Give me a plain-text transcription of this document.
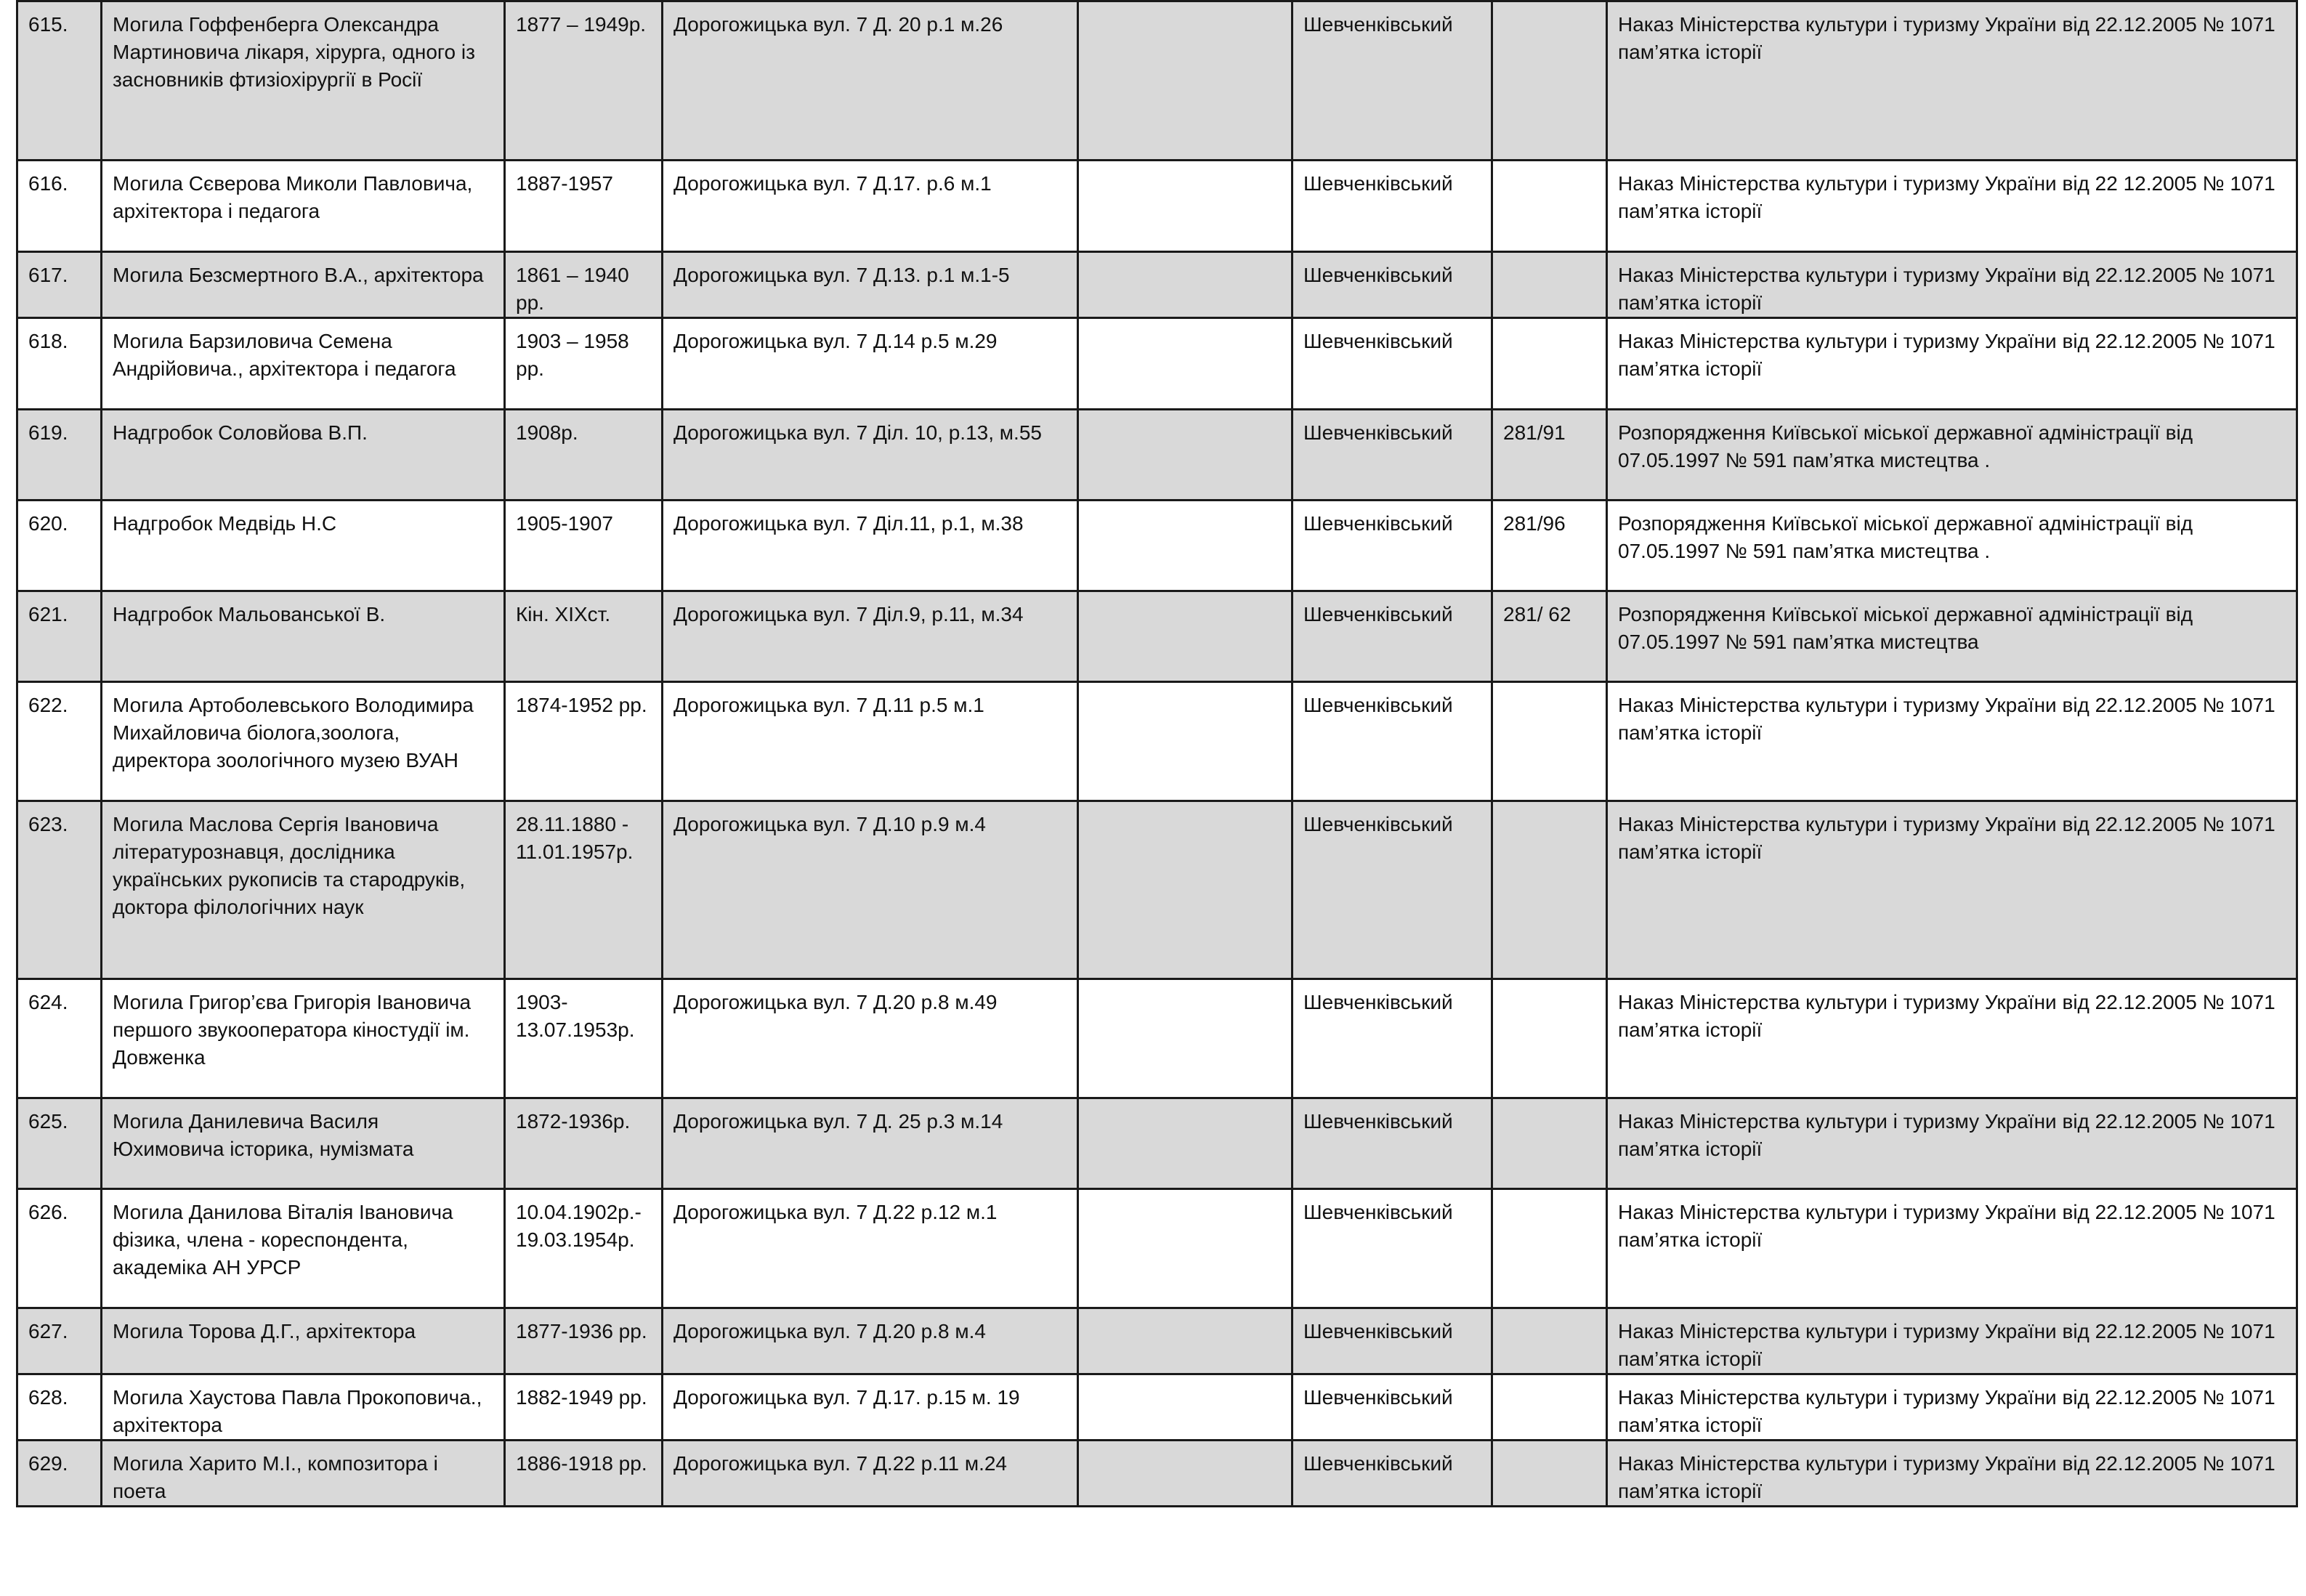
615.	Могила Гоффенберга Олександра Мартиновича лікаря, хірурга, одного із засновників фтизіохірургії в Росії	1877 – 1949р.	Дорогожицька вул. 7 Д. 20 р.1 м.26		Шевченківський		Наказ Міністерства культури і туризму України від 22.12.2005 № 1071 пам’ятка історії
616.	Могила Сєверова Миколи Павловича, архітектора і педагога	1887-1957	Дорогожицька вул. 7 Д.17. р.6 м.1		Шевченківський		Наказ Міністерства культури і туризму України від 22 12.2005 № 1071 пам’ятка історії
617.	Могила Безсмертного В.А., архітектора	1861 – 1940 рр.	Дорогожицька вул. 7 Д.13. р.1 м.1-5		Шевченківський		Наказ Міністерства культури і туризму України від 22.12.2005 № 1071 пам’ятка історії
618.	Могила Барзиловича Семена Андрійовича., архітектора і педагога	1903 – 1958 рр.	Дорогожицька вул. 7 Д.14 р.5 м.29		Шевченківський		Наказ Міністерства культури і туризму України від 22.12.2005 № 1071 пам’ятка історії
619.	Надгробок Соловйова В.П.	1908р.	Дорогожицька вул. 7 Діл. 10, р.13, м.55		Шевченківський	281/91	Розпорядження Київської міської державної адміністрації від 07.05.1997 № 591 пам’ятка мистецтва .
620.	Надгробок Медвідь Н.С	1905-1907	Дорогожицька вул. 7 Діл.11, р.1, м.38		Шевченківський	281/96	Розпорядження Київської міської державної адміністрації від 07.05.1997 № 591 пам’ятка мистецтва .
621.	Надгробок Мальованської В.	Кін. ХIХст.	Дорогожицька вул. 7 Діл.9, р.11, м.34		Шевченківський	281/ 62	Розпорядження Київської міської державної адміністрації від 07.05.1997 № 591 пам’ятка мистецтва
622.	Могила Артоболевського Володимира Михайловича біолога,зоолога, директора зоологічного музею ВУАН	1874-1952 рр.	Дорогожицька вул. 7 Д.11 р.5 м.1		Шевченківський		Наказ Міністерства культури і туризму України від 22.12.2005 № 1071 пам’ятка історії
623.	Могила Маслова Сергія Івановича літературознавця, дослідника українських рукописів та стародруків, доктора філологічних наук	28.11.1880 - 11.01.1957р.	Дорогожицька вул. 7 Д.10 р.9 м.4		Шевченківський		Наказ Міністерства культури і туризму України від 22.12.2005 № 1071 пам’ятка історії
624.	Могила Григор’єва Григорія Івановича першого звукооператора кіностудії ім. Довженка	1903- 13.07.1953р.	Дорогожицька вул. 7 Д.20 р.8 м.49		Шевченківський		Наказ Міністерства культури і туризму України від 22.12.2005 № 1071 пам’ятка історії
625.	Могила Данилевича Василя Юхимовича історика, нумізмата	1872-1936р.	Дорогожицька вул. 7 Д. 25 р.3 м.14		Шевченківський		Наказ Міністерства культури і туризму України від 22.12.2005 № 1071 пам’ятка історії
626.	Могила Данилова Віталія Івановича фізика, члена - кореспондента, академіка АН УРСР	10.04.1902р.- 19.03.1954р.	Дорогожицька вул. 7 Д.22 р.12 м.1		Шевченківський		Наказ Міністерства культури і туризму України від 22.12.2005 № 1071 пам’ятка історії
627.	Могила Торова Д.Г., архітектора	1877-1936 рр.	Дорогожицька вул. 7 Д.20 р.8 м.4		Шевченківський		Наказ Міністерства культури і туризму України від 22.12.2005 № 1071 пам’ятка історії
628.	Могила Хаустова Павла Прокоповича., архітектора	1882-1949 рр.	Дорогожицька вул. 7 Д.17. р.15 м. 19		Шевченківський		Наказ Міністерства культури і туризму України від 22.12.2005 № 1071 пам’ятка історії
629.	Могила Харито М.І., композитора і поета	1886-1918 рр.	Дорогожицька вул. 7 Д.22 р.11 м.24		Шевченківський		Наказ Міністерства культури і туризму України від 22.12.2005 № 1071 пам’ятка історії
